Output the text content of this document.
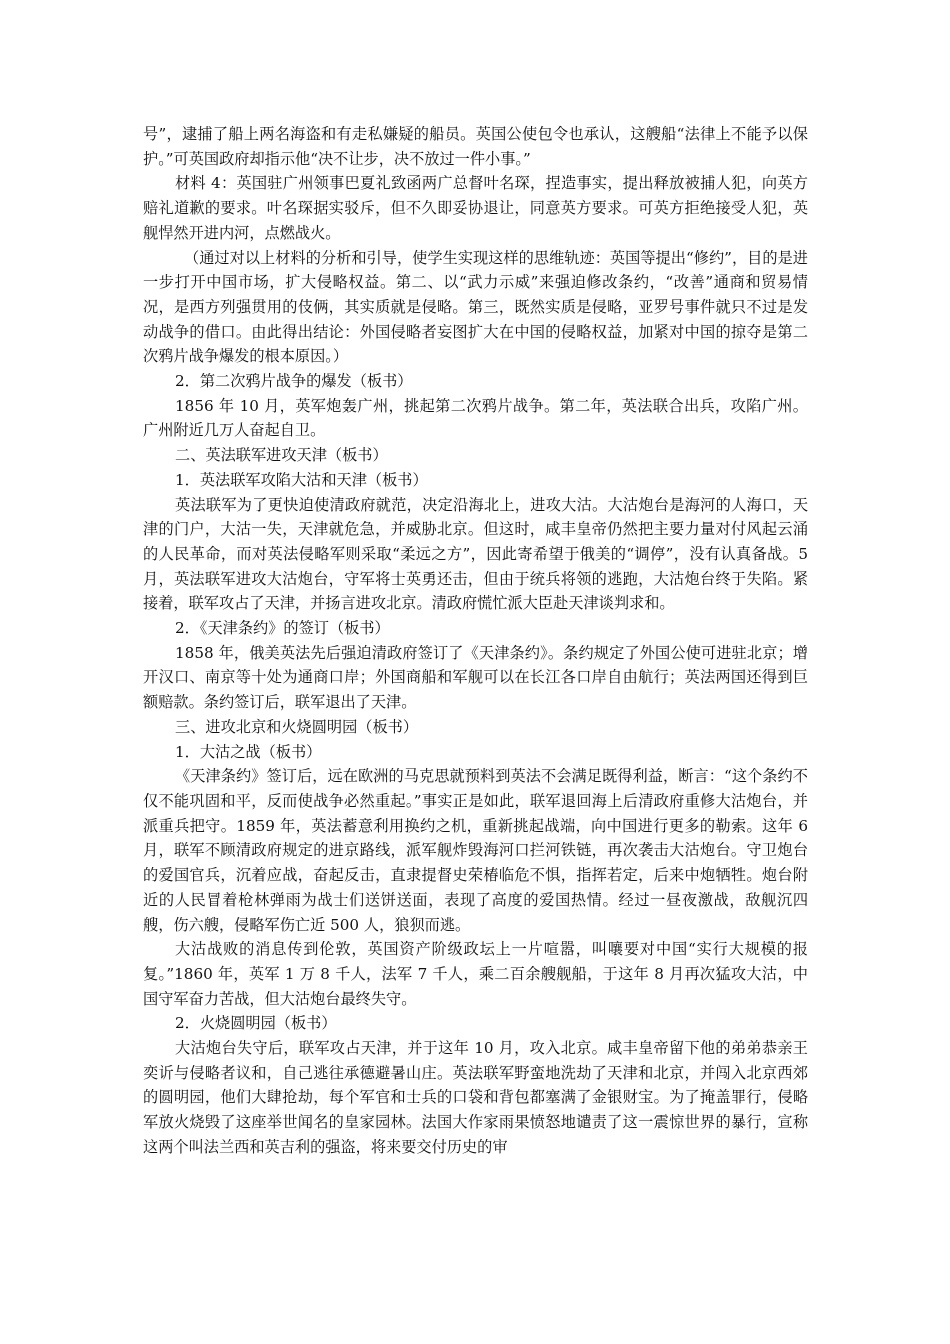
号”，逮捕了船上两名海盗和有走私嫌疑的船员。英国公使包令也承认，这艘船“法律上不能予以保护。”可英国政府却指示他“决不让步，决不放过一件小事。”

材料 4：英国驻广州领事巴夏礼致函两广总督叶名琛，捏造事实，提出释放被捕人犯，向英方赔礼道歉的要求。叶名琛据实驳斥，但不久即妥协退让，同意英方要求。可英方拒绝接受人犯，英舰悍然开进内河，点燃战火。

（通过对以上材料的分析和引导，使学生实现这样的思维轨迹：英国等提出“修约”，目的是进一步打开中国市场，扩大侵略权益。第二、以“武力示威”来强迫修改条约，“改善”通商和贸易情况，是西方列强贯用的伎俩，其实质就是侵略。第三，既然实质是侵略，亚罗号事件就只不过是发动战争的借口。由此得出结论：外国侵略者妄图扩大在中国的侵略权益，加紧对中国的掠夺是第二次鸦片战争爆发的根本原因。）

2．第二次鸦片战争的爆发（板书）

1856 年 10 月，英军炮轰广州，挑起第二次鸦片战争。第二年，英法联合出兵，攻陷广州。广州附近几万人奋起自卫。

二、英法联军进攻天津（板书）

1．英法联军攻陷大沽和天津（板书）

英法联军为了更快迫使清政府就范，决定沿海北上，进攻大沽。大沽炮台是海河的人海口，天津的门户，大沽一失，天津就危急，并威胁北京。但这时，咸丰皇帝仍然把主要力量对付风起云涌的人民革命，而对英法侵略军则采取“柔远之方”，因此寄希望于俄美的“调停”，没有认真备战。5 月，英法联军进攻大沽炮台，守军将士英勇还击，但由于统兵将领的逃跑，大沽炮台终于失陷。紧接着，联军攻占了天津，并扬言进攻北京。清政府慌忙派大臣赴天津谈判求和。

2．《天津条约》的签订（板书）

1858 年，俄美英法先后强迫清政府签订了《天津条约》。条约规定了外国公使可进驻北京；增开汉口、南京等十处为通商口岸；外国商船和军舰可以在长江各口岸自由航行；英法两国还得到巨额赔款。条约签订后，联军退出了天津。

三、进攻北京和火烧圆明园（板书）

1．大沽之战（板书）

《天津条约》签订后，远在欧洲的马克思就预料到英法不会满足既得利益，断言：“这个条约不仅不能巩固和平，反而使战争必然重起。”事实正是如此，联军退回海上后清政府重修大沽炮台，并派重兵把守。1859 年，英法蓄意利用换约之机，重新挑起战端，向中国进行更多的勒索。这年 6 月，联军不顾清政府规定的进京路线，派军舰炸毁海河口拦河铁链，再次袭击大沽炮台。守卫炮台的爱国官兵，沉着应战，奋起反击，直隶提督史荣椿临危不惧，指挥若定，后来中炮牺牲。炮台附近的人民冒着枪林弹雨为战士们送饼送面，表现了高度的爱国热情。经过一昼夜激战，敌舰沉四艘，伤六艘，侵略军伤亡近 500 人，狼狈而逃。

大沽战败的消息传到伦敦，英国资产阶级政坛上一片喧嚣，叫嚷要对中国“实行大规模的报复。”1860 年，英军 1 万 8 千人，法军 7 千人，乘二百余艘舰船，于这年 8 月再次猛攻大沽，中国守军奋力苦战，但大沽炮台最终失守。

2．火烧圆明园（板书）

大沽炮台失守后，联军攻占天津，并于这年 10 月，攻入北京。咸丰皇帝留下他的弟弟恭亲王奕䜣与侵略者议和，自己逃往承德避暑山庄。英法联军野蛮地洗劫了天津和北京，并闯入北京西郊的圆明园，他们大肆抢劫，每个军官和士兵的口袋和背包都塞满了金银财宝。为了掩盖罪行，侵略军放火烧毁了这座举世闻名的皇家园林。法国大作家雨果愤怒地谴责了这一震惊世界的暴行，宣称这两个叫法兰西和英吉利的强盗，将来要交付历史的审
